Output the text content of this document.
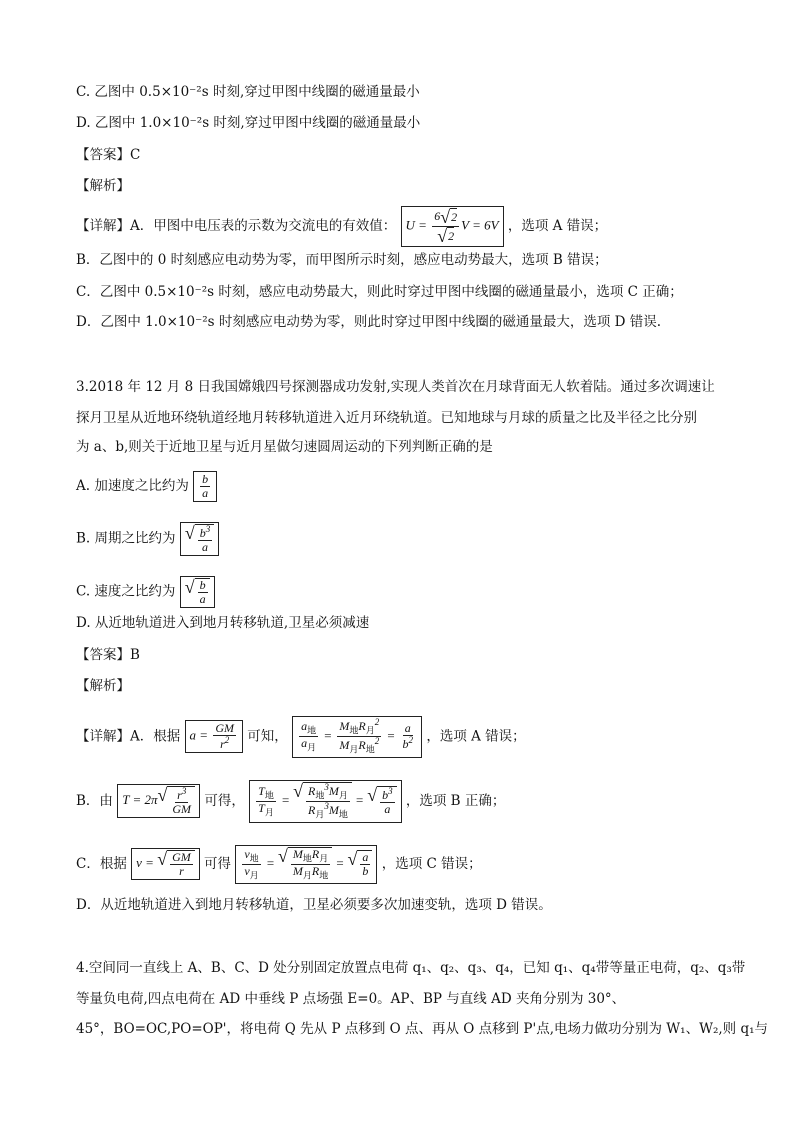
C. 乙图中 0.5×10⁻²s 时刻,穿过甲图中线圈的磁通量最小
D. 乙图中 1.0×10⁻²s 时刻,穿过甲图中线圈的磁通量最小
【答案】C
【解析】
【详解】A．甲图中电压表的示数为交流电的有效值： $U = \frac{6 √ 2}{√ 2}$ V = 6V ，选项 A 错误；
B．乙图中的 0 时刻感应电动势为零，而甲图所示时刻，感应电动势最大，选项 B 错误；
C．乙图中 0.5×10⁻²s 时刻，感应电动势最大，则此时穿过甲图中线圈的磁通量最小，选项 C 正确；
D．乙图中 1.0×10⁻²s 时刻感应电动势为零，则此时穿过甲图中线圈的磁通量最大，选项 D 错误.
3.2018 年 12 月 8 日我国嫦娥四号探测器成功发射,实现人类首次在月球背面无人软着陆。通过多次调速让
探月卫星从近地环绕轨道经地月转移轨道进入近月环绕轨道。已知地球与月球的质量之比及半径之比分别
为 a、b,则关于近地卫星与近月星做匀速圆周运动的下列判断正确的是
A. 加速度之比约为 $\frac{b}{a}$
B. 周期之比约为 √ $\frac{b^3}{a}$
C. 速度之比约为 √ $\frac{b}{a}$
D. 从近地轨道进入到地月转移轨道,卫星必须减速
【答案】B
【解析】
【详解】A．根据 $a = \frac{GM}{r^2}$ 可知， $\frac{a_地}{a_月} = \frac{M_地R_月^2}{M_月R_地^2} = \frac{a}{b^2}$ ，选项 A 错误；
B．由 T = 2π √ $\frac{r^3}{GM}$ 可得， $\frac{T_地}{T_月}$ = √ $\frac{R_地^3M_月}{R_月^3M_地}$ = √ $\frac{b^3}{a}$ ，选项 B 正确；
C．根据 v = √ $\frac{GM}{r}$ 可得 $\frac{v_地}{v_月}$ = √ $\frac{M_地R_月}{M_月R_地}$ = √ $\frac{a}{b}$ ，选项 C 错误；
D．从近地轨道进入到地月转移轨道，卫星必须要多次加速变轨，选项 D 错误。
4.空间同一直线上 A、B、C、D 处分别固定放置点电荷 q₁、q₂、q₃、q₄，已知 q₁、q₄带等量正电荷，q₂、q₃带
等量负电荷,四点电荷在 AD 中垂线 P 点场强 E=0。AP、BP 与直线 AD 夹角分别为 30°、
45°，BO=OC,PO=OP'，将电荷 Q 先从 P 点移到 O 点、再从 O 点移到 P'点,电场力做功分别为 W₁、W₂,则 q₁与
